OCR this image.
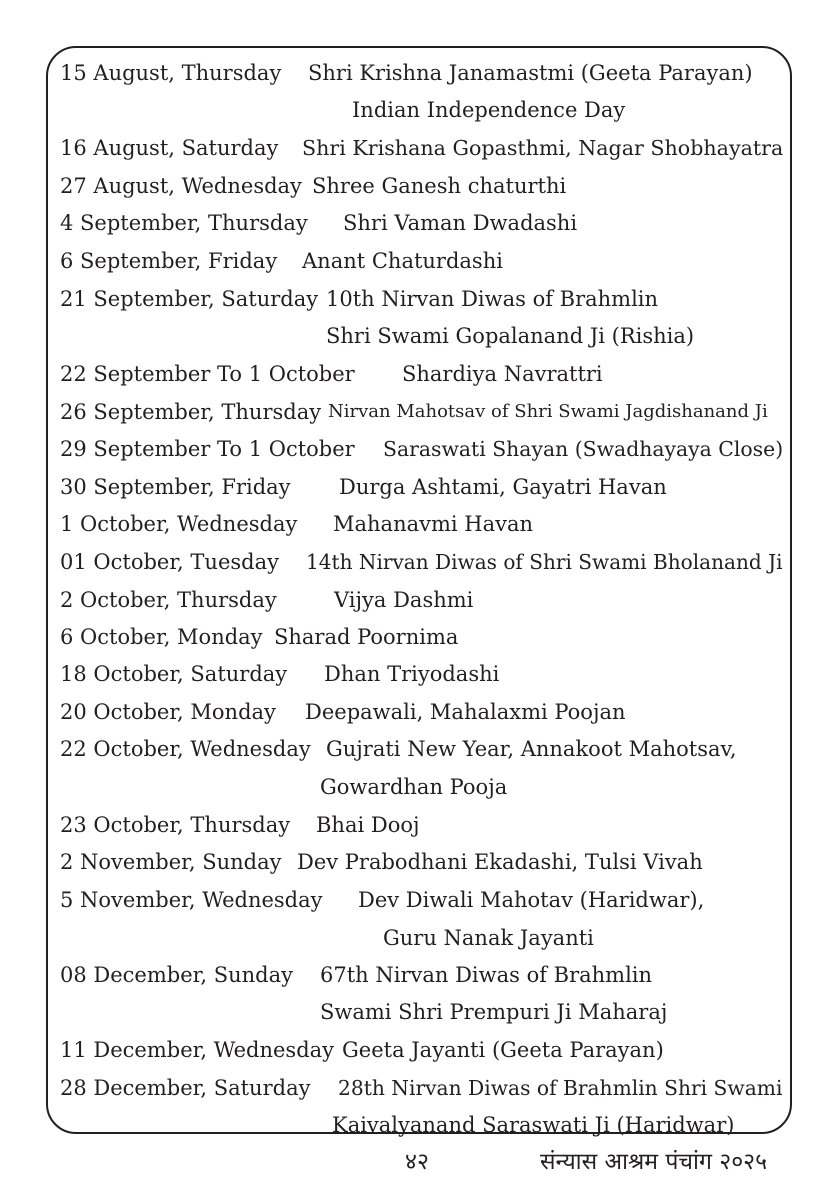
15 August, Thursday Shri Krishna Janamastmi (Geeta Parayan)
Indian Independence Day
16 August, Saturday Shri Krishana Gopasthmi, Nagar Shobhayatra
27 August, Wednesday Shree Ganesh chaturthi
4 September, Thursday Shri Vaman Dwadashi
6 September, Friday Anant Chaturdashi
21 September, Saturday 10th Nirvan Diwas of Brahmlin
Shri Swami Gopalanand Ji (Rishia)
22 September To 1 October Shardiya Navrattri
26 September, Thursday Nirvan Mahotsav of Shri Swami Jagdishanand Ji
29 September To 1 October Saraswati Shayan (Swadhayaya Close)
30 September, Friday Durga Ashtami, Gayatri Havan
1 October, Wednesday Mahanavmi Havan
01 October, Tuesday 14th Nirvan Diwas of Shri Swami Bholanand Ji
2 October, Thursday	Vijya Dashmi
6 October, Monday Sharad Poornima
18 October, Saturday Dhan Triyodashi
20 October, Monday Deepawali, Mahalaxmi Poojan
22 October, Wednesday Gujrati New Year, Annakoot Mahotsav,
Gowardhan Pooja
23 October, Thursday Bhai Dooj
2 November, Sunday Dev Prabodhani Ekadashi, Tulsi Vivah
5 November, Wednesday Dev Diwali Mahotav (Haridwar),
Guru Nanak Jayanti
08 December, Sunday 67th Nirvan Diwas of Brahmlin
Swami Shri Prempuri Ji Maharaj
11 December, Wednesday Geeta Jayanti (Geeta Parayan)
28 December, Saturday 28th Nirvan Diwas of Brahmlin Shri Swami
Kaivalyanand Saraswati Ji (Haridwar)
४२	संन्यास आश्रम पंचांग २०२५
